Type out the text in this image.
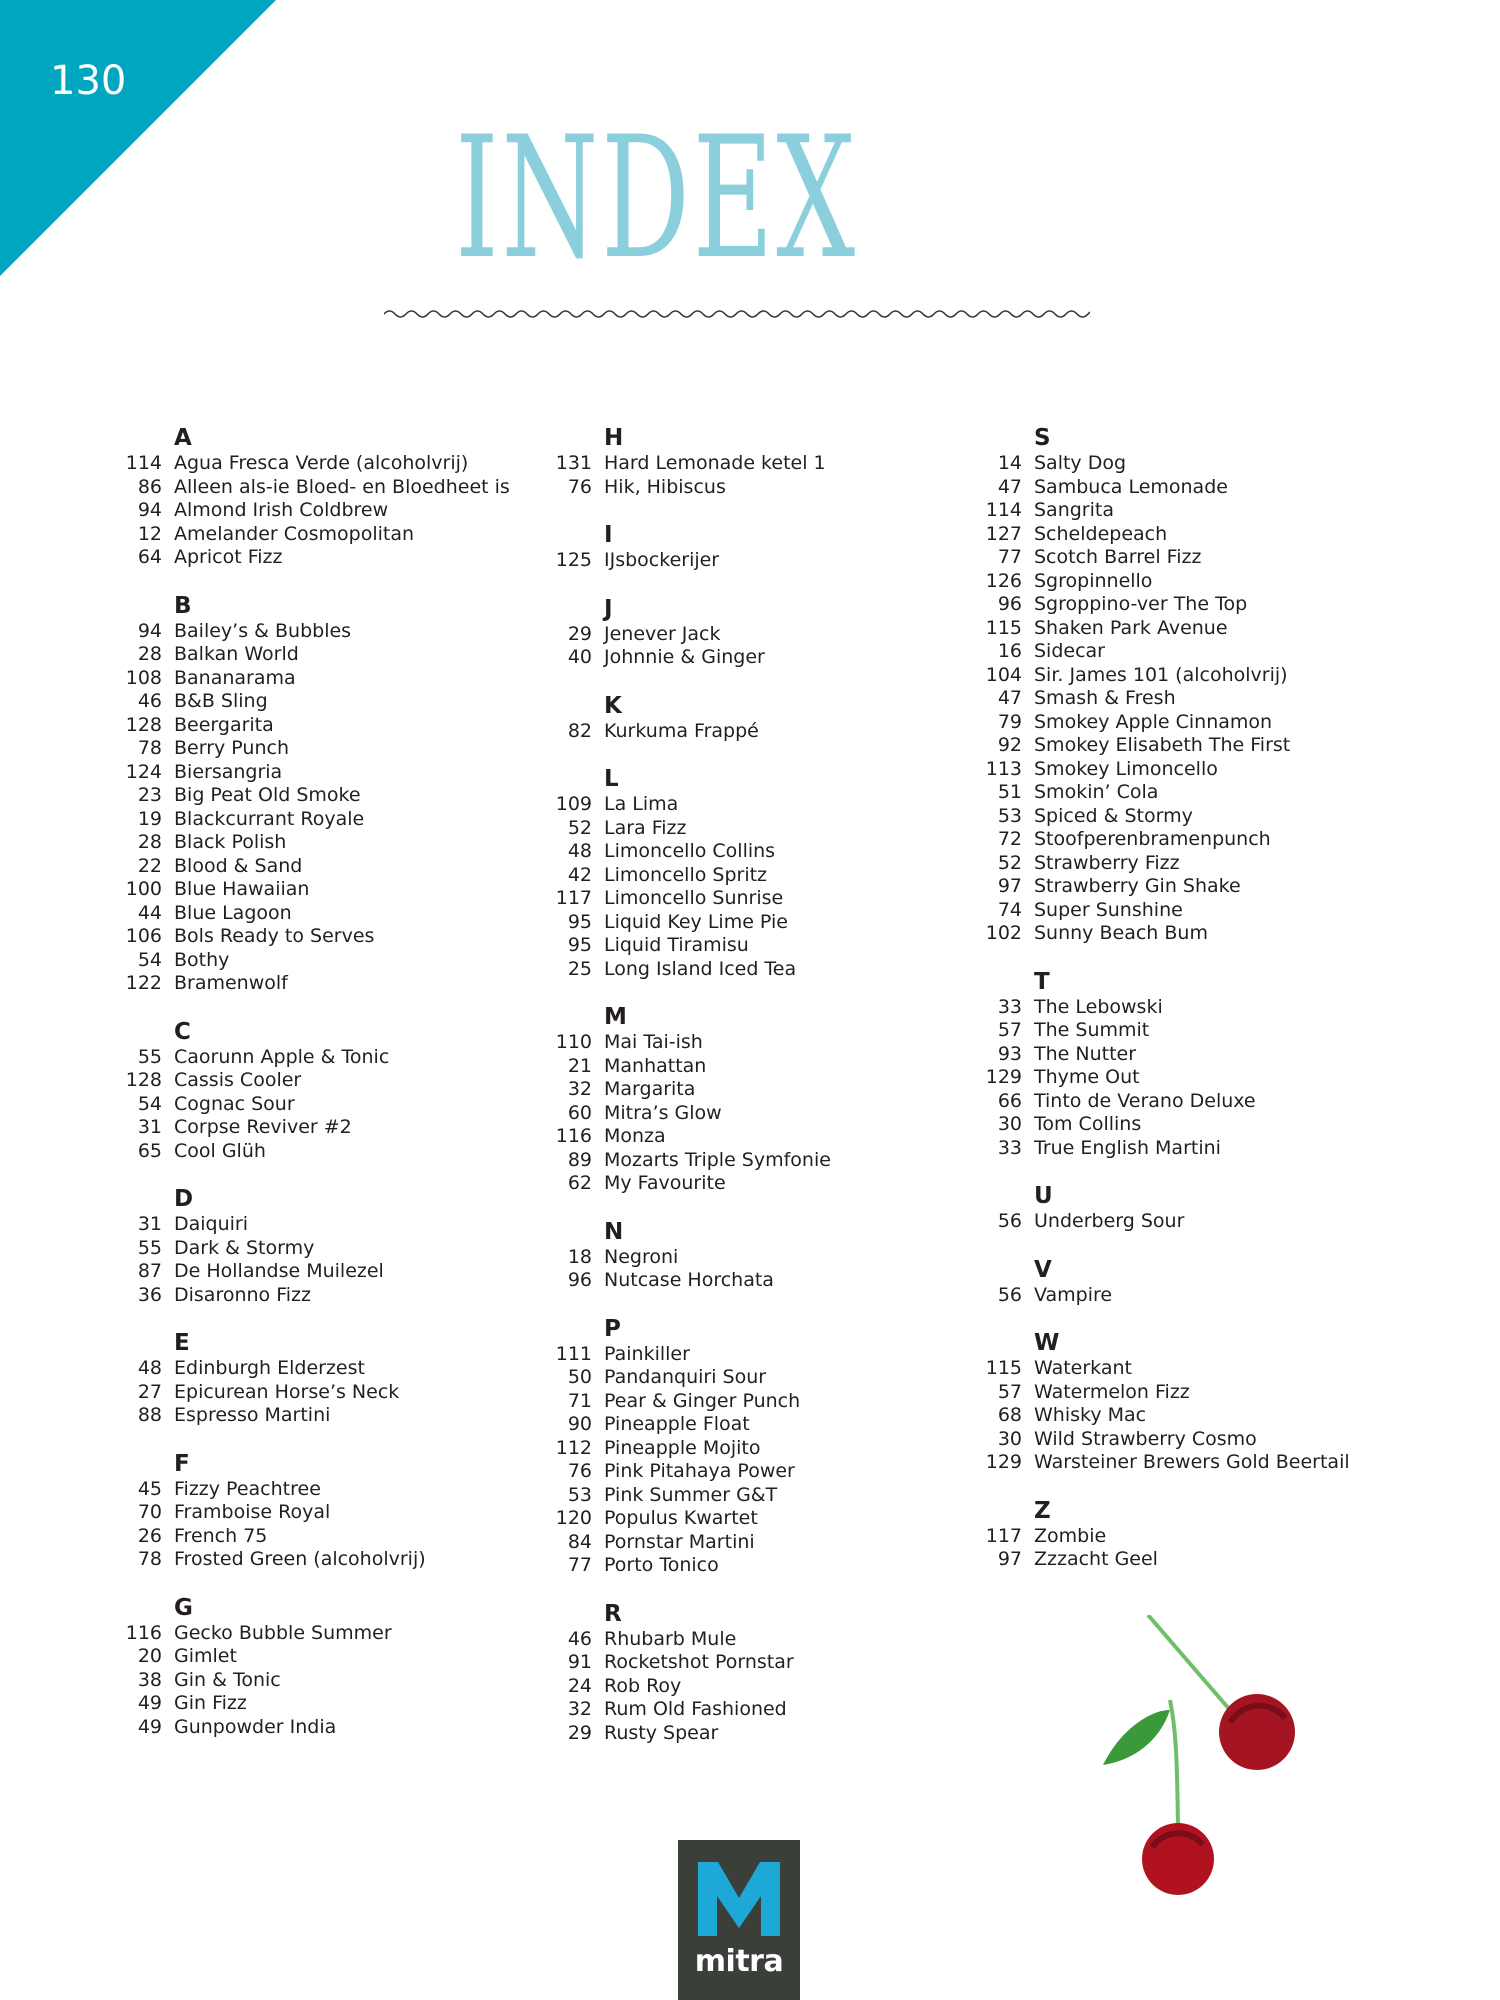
130
INDEX
A
114 Agua Fresca Verde (alcoholvrij)
86 Alleen als-ie Bloed- en Bloedheet is
94 Almond Irish Coldbrew
12 Amelander Cosmopolitan
64 Apricot Fizz
B
94 Bailey’s & Bubbles
28 Balkan World
108 Bananarama
46 B&B Sling
128 Beergarita
78 Berry Punch
124 Biersangria
23 Big Peat Old Smoke
19 Blackcurrant Royale
28 Black Polish
22 Blood & Sand
100 Blue Hawaiian
44 Blue Lagoon
106 Bols Ready to Serves
54 Bothy
122 Bramenwolf
C
55 Caorunn Apple & Tonic
128 Cassis Cooler
54 Cognac Sour
31 Corpse Reviver #2
65 Cool Glüh
D
31 Daiquiri
55 Dark & Stormy
87 De Hollandse Muilezel
36 Disaronno Fizz
E
48 Edinburgh Elderzest
27 Epicurean Horse’s Neck
88 Espresso Martini
F
45 Fizzy Peachtree
70 Framboise Royal
26 French 75
78 Frosted Green (alcoholvrij)
G
116 Gecko Bubble Summer
20 Gimlet
38 Gin & Tonic
49 Gin Fizz
49 Gunpowder India
H
131 Hard Lemonade ketel 1
76 Hik, Hibiscus
I
125 IJsbockerijer
J
29 Jenever Jack
40 Johnnie & Ginger
K
82 Kurkuma Frappé
L
109 La Lima
52 Lara Fizz
48 Limoncello Collins
42 Limoncello Spritz
117 Limoncello Sunrise
95 Liquid Key Lime Pie
95 Liquid Tiramisu
25 Long Island Iced Tea
M
110 Mai Tai-ish
21 Manhattan
32 Margarita
60 Mitra’s Glow
116 Monza
89 Mozarts Triple Symfonie
62 My Favourite
N
18 Negroni
96 Nutcase Horchata
P
111 Painkiller
50 Pandanquiri Sour
71 Pear & Ginger Punch
90 Pineapple Float
112 Pineapple Mojito
76 Pink Pitahaya Power
53 Pink Summer G&T
120 Populus Kwartet
84 Pornstar Martini
77 Porto Tonico
R
46 Rhubarb Mule
91 Rocketshot Pornstar
24 Rob Roy
32 Rum Old Fashioned
29 Rusty Spear
S
14 Salty Dog
47 Sambuca Lemonade
114 Sangrita
127 Scheldepeach
77 Scotch Barrel Fizz
126 Sgropinnello
96 Sgroppino-ver The Top
115 Shaken Park Avenue
16 Sidecar
104 Sir. James 101 (alcoholvrij)
47 Smash & Fresh
79 Smokey Apple Cinnamon
92 Smokey Elisabeth The First
113 Smokey Limoncello
51 Smokin’ Cola
53 Spiced & Stormy
72 Stoofperenbramenpunch
52 Strawberry Fizz
97 Strawberry Gin Shake
74 Super Sunshine
102 Sunny Beach Bum
T
33 The Lebowski
57 The Summit
93 The Nutter
129 Thyme Out
66 Tinto de Verano Deluxe
30 Tom Collins
33 True English Martini
U
56 Underberg Sour
V
56 Vampire
W
115 Waterkant
57 Watermelon Fizz
68 Whisky Mac
30 Wild Strawberry Cosmo
129 Warsteiner Brewers Gold Beertail
Z
117 Zombie
97 Zzzacht Geel
mitra
